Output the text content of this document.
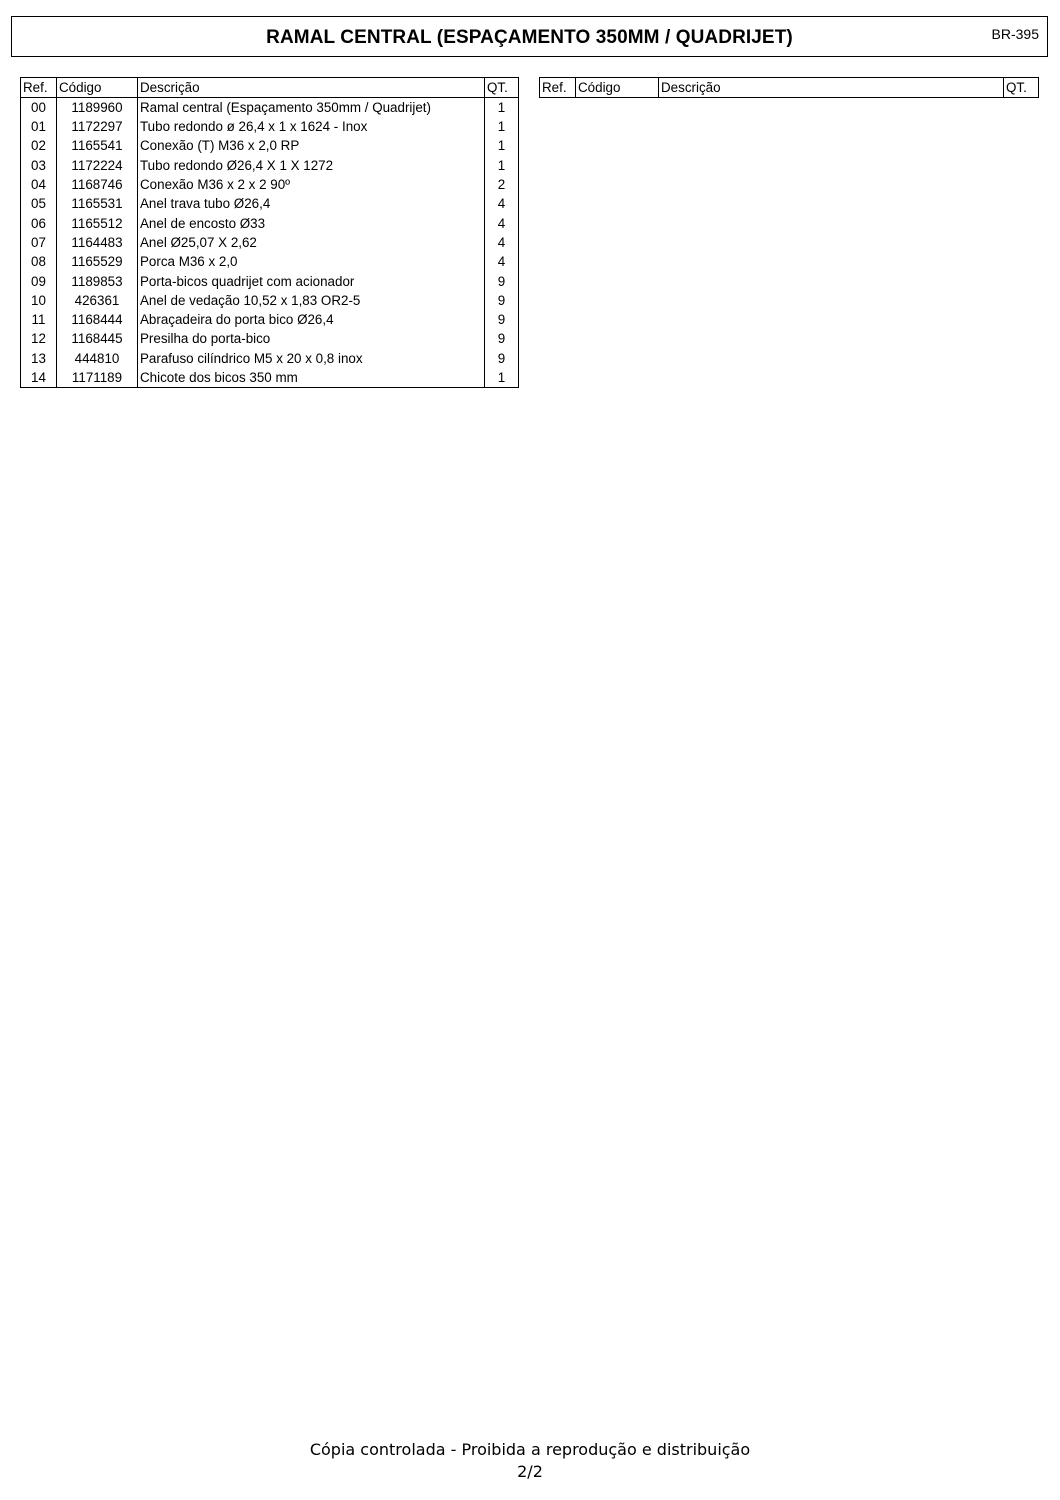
RAMAL CENTRAL (ESPAÇAMENTO 350MM / QUADRIJET)	BR-395
Ref.	Código	Descrição	QT.
00	1189960	Ramal central (Espaçamento 350mm / Quadrijet)	1
01	1172297	Tubo redondo ø 26,4 x 1 x 1624 - Inox	1
02	1165541	Conexão (T) M36 x 2,0 RP	1
03	1172224	Tubo redondo Ø26,4 X 1 X 1272	1
04	1168746	Conexão M36 x 2 x 2 90º	2
05	1165531	Anel trava tubo Ø26,4	4
06	1165512	Anel de encosto Ø33	4
07	1164483	Anel Ø25,07 X 2,62	4
08	1165529	Porca M36 x 2,0	4
09	1189853	Porta-bicos quadrijet com acionador	9
10	426361	Anel de vedação 10,52 x 1,83 OR2-5	9
11	1168444	Abraçadeira do porta bico Ø26,4	9
12	1168445	Presilha do porta-bico	9
13	444810	Parafuso cilíndrico M5 x 20 x 0,8 inox	9
14	1171189	Chicote dos bicos 350 mm	1
Ref.	Código	Descrição	QT.
Cópia controlada - Proibida a reprodução e distribuição
2/2
